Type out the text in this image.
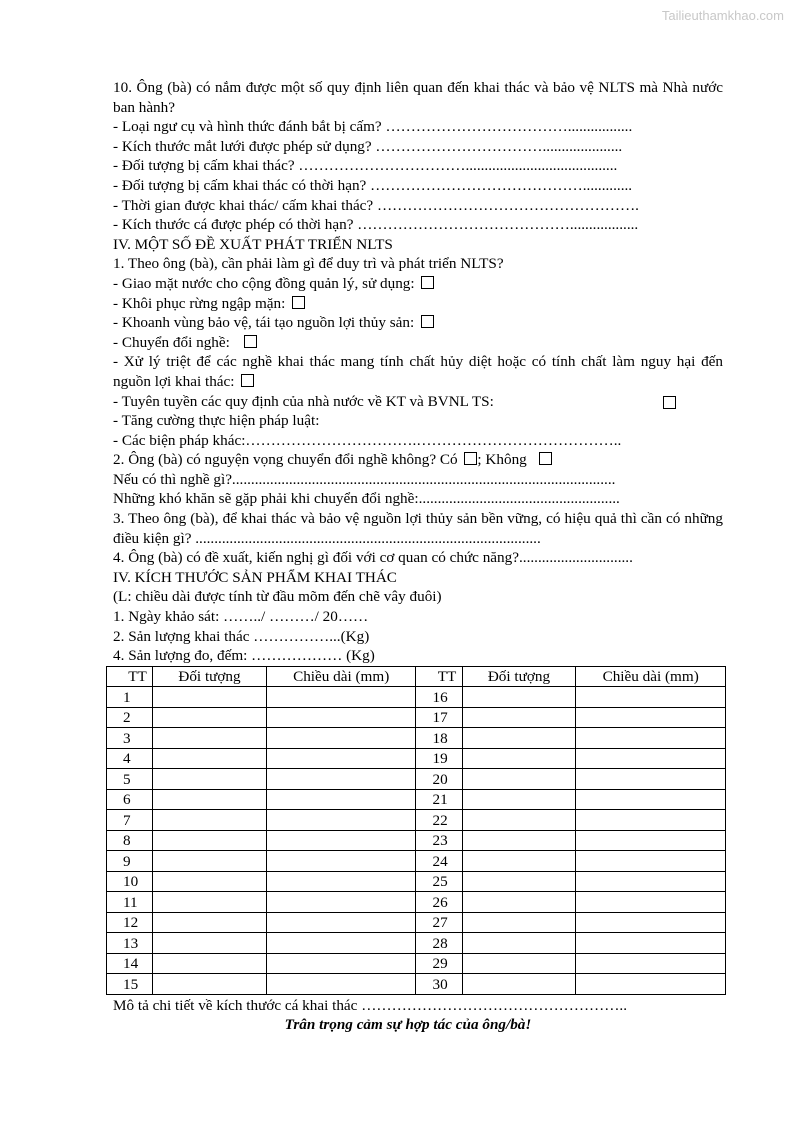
Tailieuthamkhao.com
10. Ông (bà) có nắm được một số quy định liên quan đến khai thác và bảo vệ NLTS mà Nhà nước ban hành?
- Loại ngư cụ và hình thức đánh bắt bị cấm? ……………………………….................
- Kích thước mắt lưới được phép sử dụng? …………………………….....................
- Đối tượng bị cấm khai thác? ……………………………........................................
- Đối tượng bị cấm khai thác có thời hạn? …………………………………….............
- Thời gian được khai thác/ cấm khai thác? …………………………………………….
- Kích thước cá được phép có thời hạn? ……………………………………..................
IV. MỘT SỐ ĐỀ XUẤT PHÁT TRIỂN NLTS
1. Theo ông (bà), cần phải làm gì để duy trì và phát triển NLTS?
- Giao mặt nước cho cộng đồng quản lý, sử dụng:
- Khôi phục rừng ngập mặn:
- Khoanh vùng bảo vệ, tái tạo nguồn lợi thủy sản:
- Chuyển đổi nghề:
- Xử lý triệt để các nghề khai thác mang tính chất hủy diệt hoặc có tính chất làm nguy hại đến nguồn lợi khai thác:
- Tuyên tuyền các quy định của nhà nước về KT và BVNL TS:
- Tăng cường thực hiện pháp luật:
- Các biện pháp khác:…………………………….…………………………………..
2. Ông (bà) có nguyện vọng chuyển đổi nghề không? Có ; Không
Nếu có thì nghề gì?.....................................................................................................
Những khó khăn sẽ gặp phải khi chuyển đổi nghề:.....................................................
3. Theo ông (bà), để khai thác và bảo vệ nguồn lợi thủy sản bền vững, có hiệu quả thì cần có những điều kiện gì? ...........................................................................................
4. Ông (bà) có đề xuất, kiến nghị gì đối với cơ quan có chức năng?..............................
IV. KÍCH THƯỚC SẢN PHẨM KHAI THÁC
(L: chiều dài được tính từ đầu mõm đến chẽ vây đuôi)
1. Ngày khảo sát: ……../ ………/ 20……
2. Sản lượng khai thác ……………...(Kg)
4. Sản lượng đo, đếm: ……………… (Kg)
TT	Đối tượng	Chiều dài (mm)	TT	Đối tượng	Chiều dài (mm)
1			16		
2			17		
3			18		
4			19		
5			20		
6			21		
7			22		
8			23		
9			24		
10			25		
11			26		
12			27		
13			28		
14			29		
15			30		
Mô tả chi tiết về kích thước cá khai thác ……………………………………………..
Trân trọng cảm sự hợp tác của ông/bà!
